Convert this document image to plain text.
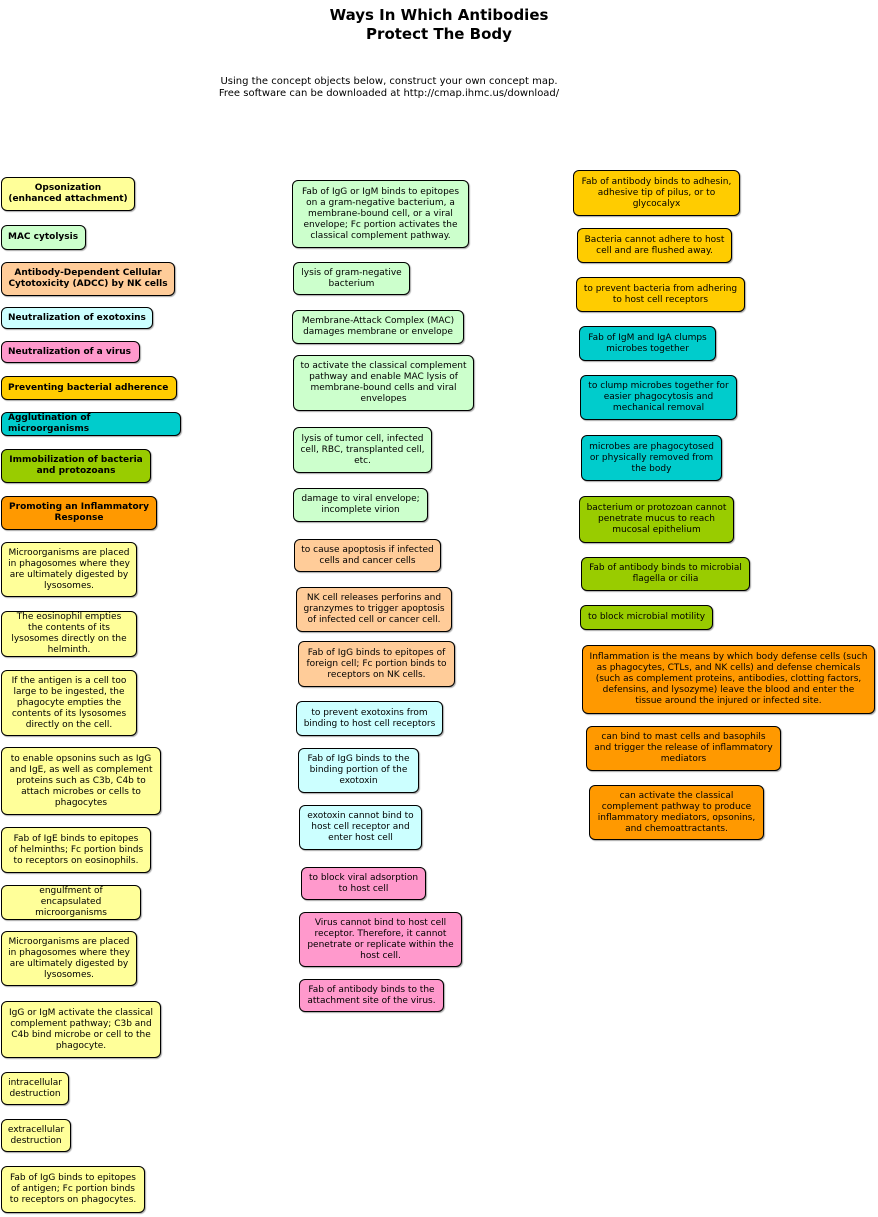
Ways In Which Antibodies
Protect The Body
Using the concept objects below, construct your own concept map.
Free software can be downloaded at http://cmap.ihmc.us/download/
Opsonization
(enhanced attachment)
MAC cytolysis
Antibody-Dependent Cellular Cytotoxicity (ADCC) by NK cells
Neutralization of exotoxins
Neutralization of a virus
Preventing bacterial adherence
Agglutination of microorganisms
Immobilization of bacteria and protozoans
Promoting an Inflammatory Response
Microorganisms are placed in phagosomes where they are ultimately digested by lysosomes.
The eosinophil empties the contents of its lysosomes directly on the helminth.
If the antigen is a cell too large to be ingested, the phagocyte empties the contents of its lysosomes directly on the cell.
to enable opsonins such as IgG and IgE, as well as complement proteins such as C3b, C4b to attach microbes or cells to phagocytes
Fab of IgE binds to epitopes of helminths; Fc portion binds to receptors on eosinophils.
engulfment of encapsulated microorganisms
Microorganisms are placed in phagosomes where they are ultimately digested by lysosomes.
IgG or IgM activate the classical complement pathway; C3b and C4b bind microbe or cell to the phagocyte.
intracellular destruction
extracellular destruction
Fab of IgG binds to epitopes of antigen; Fc portion binds to receptors on phagocytes.
Fab of IgG or IgM binds to epitopes on a gram-negative bacterium, a membrane-bound cell, or a viral envelope; Fc portion activates the classical complement pathway.
lysis of gram-negative bacterium
Membrane-Attack Complex (MAC) damages membrane or envelope
to activate the classical complement pathway and enable MAC lysis of membrane-bound cells and viral envelopes
lysis of tumor cell, infected cell, RBC, transplanted cell, etc.
damage to viral envelope; incomplete virion
to cause apoptosis if infected cells and cancer cells
NK cell releases perforins and granzymes to trigger apoptosis of infected cell or cancer cell.
Fab of IgG binds to epitopes of foreign cell; Fc portion binds to receptors on NK cells.
to prevent exotoxins from binding to host cell receptors
Fab of IgG binds to the binding portion of the exotoxin
exotoxin cannot bind to host cell receptor and enter host cell
to block viral adsorption to host cell
Virus cannot bind to host cell receptor. Therefore, it cannot penetrate or replicate within the host cell.
Fab of antibody binds to the attachment site of the virus.
Fab of antibody binds to adhesin, adhesive tip of pilus, or to glycocalyx
Bacteria cannot adhere to host cell and are flushed away.
to prevent bacteria from adhering to host cell receptors
Fab of IgM and IgA clumps microbes together
to clump microbes together for easier phagocytosis and mechanical removal
microbes are phagocytosed or physically removed from the body
bacterium or protozoan cannot penetrate mucus to reach mucosal epithelium
Fab of antibody binds to microbial flagella or cilia
to block microbial motility
Inflammation is the means by which body defense cells (such as phagocytes, CTLs, and NK cells) and defense chemicals (such as complement proteins, antibodies, clotting factors, defensins, and lysozyme) leave the blood and enter the tissue around the injured or infected site.
can bind to mast cells and basophils and trigger the release of inflammatory mediators
can activate the classical complement pathway to produce inflammatory mediators, opsonins, and chemoattractants.
